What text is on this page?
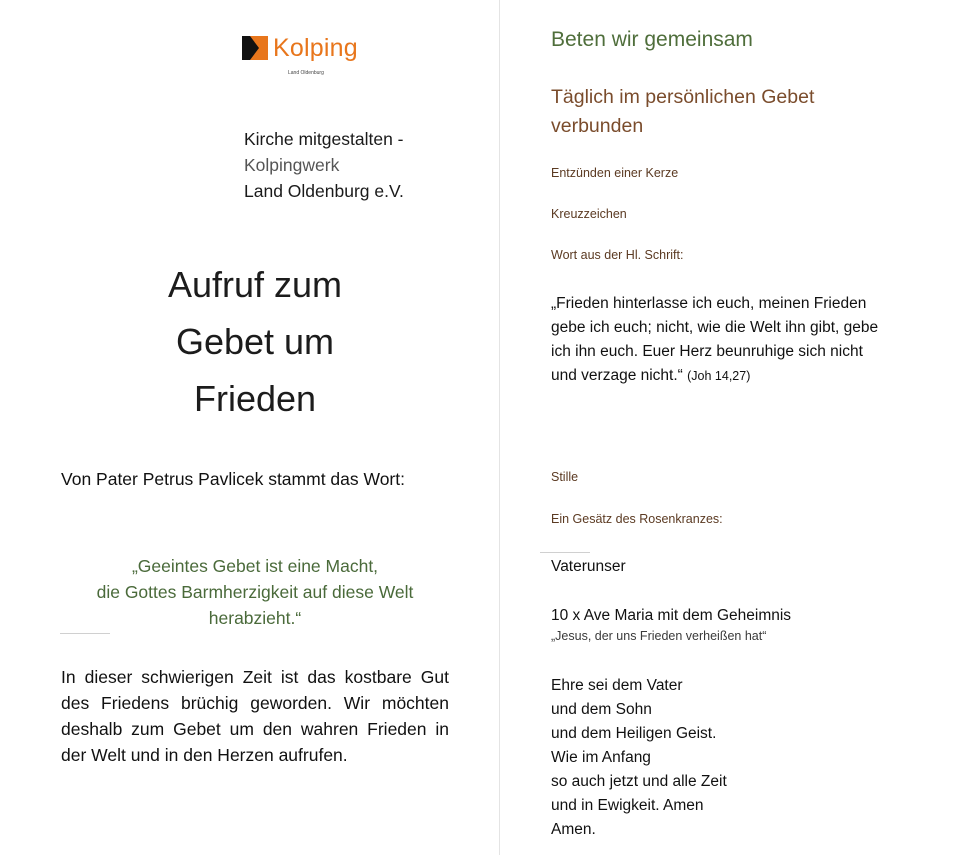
Kolping
Land Oldenburg
Kirche mitgestalten -
Kolpingwerk
Land Oldenburg e.V.
Aufruf zum
Gebet um
Frieden
Von Pater Petrus Pavlicek stammt das Wort:
„Geeintes Gebet ist eine Macht,
die Gottes Barmherzigkeit auf diese Welt
herabzieht.“
In dieser schwierigen Zeit ist das kostbare Gut des Friedens brüchig geworden. Wir möchten deshalb zum Gebet um den wahren Frieden in der Welt und in den Herzen aufrufen.
Beten wir gemeinsam
Täglich im persönlichen Gebet verbunden
Entzünden einer Kerze
Kreuzzeichen
Wort aus der Hl. Schrift:
„Frieden hinterlasse ich euch, meinen Frieden gebe ich euch; nicht, wie die Welt ihn gibt, gebe ich ihn euch. Euer Herz beunruhige sich nicht und verzage nicht.“ (Joh 14,27)
Stille
Ein Gesätz des Rosenkranzes:
Vaterunser
10 x Ave Maria mit dem Geheimnis
„Jesus, der uns Frieden verheißen hat“
Ehre sei dem Vater
und dem Sohn
und dem Heiligen Geist.
Wie im Anfang
so auch jetzt und alle Zeit
und in Ewigkeit. Amen
Amen.
